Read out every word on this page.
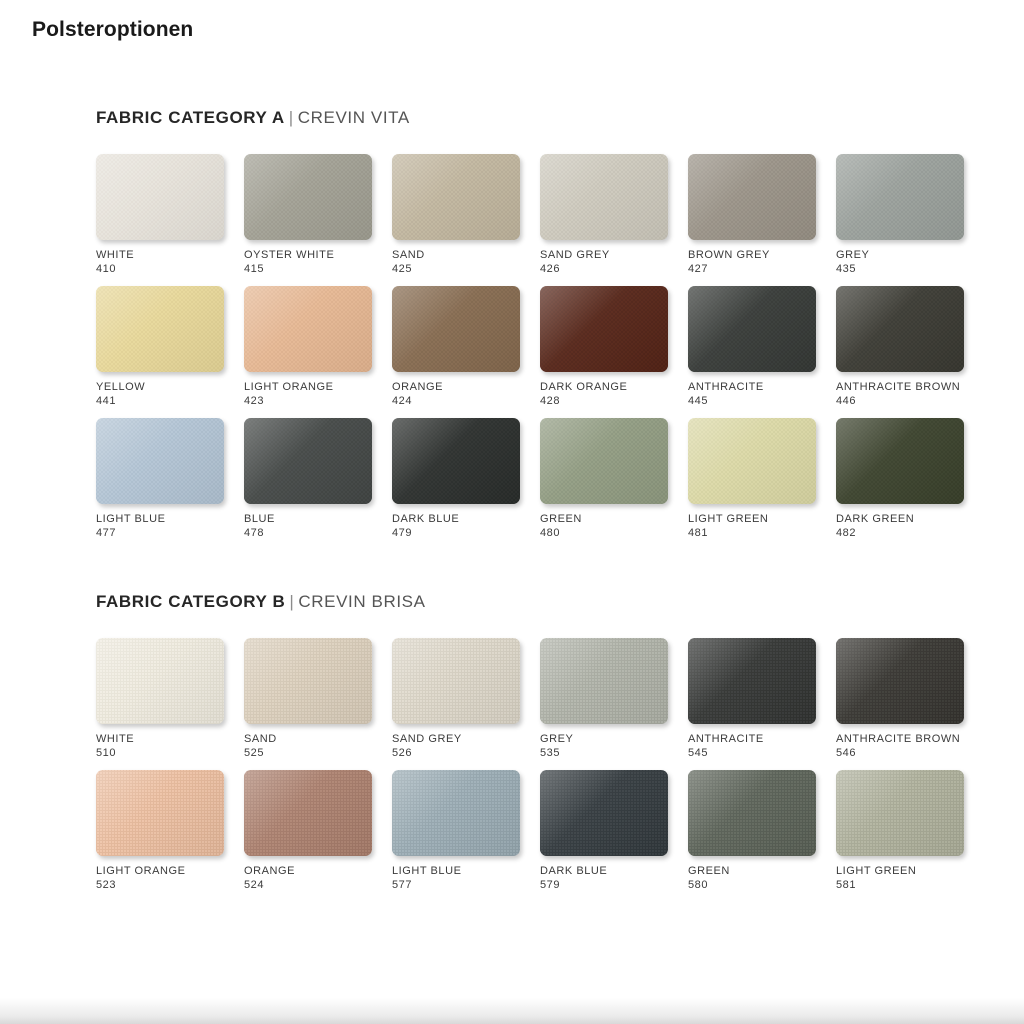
Polsteroptionen
FABRIC CATEGORY A | CREVIN VITA
WHITE
410
OYSTER WHITE
415
SAND
425
SAND GREY
426
BROWN GREY
427
GREY
435
YELLOW
441
LIGHT ORANGE
423
ORANGE
424
DARK ORANGE
428
ANTHRACITE
445
ANTHRACITE BROWN
446
LIGHT BLUE
477
BLUE
478
DARK BLUE
479
GREEN
480
LIGHT GREEN
481
DARK GREEN
482
FABRIC CATEGORY B | CREVIN BRISA
WHITE
510
SAND
525
SAND GREY
526
GREY
535
ANTHRACITE
545
ANTHRACITE BROWN
546
LIGHT ORANGE
523
ORANGE
524
LIGHT BLUE
577
DARK BLUE
579
GREEN
580
LIGHT GREEN
581
